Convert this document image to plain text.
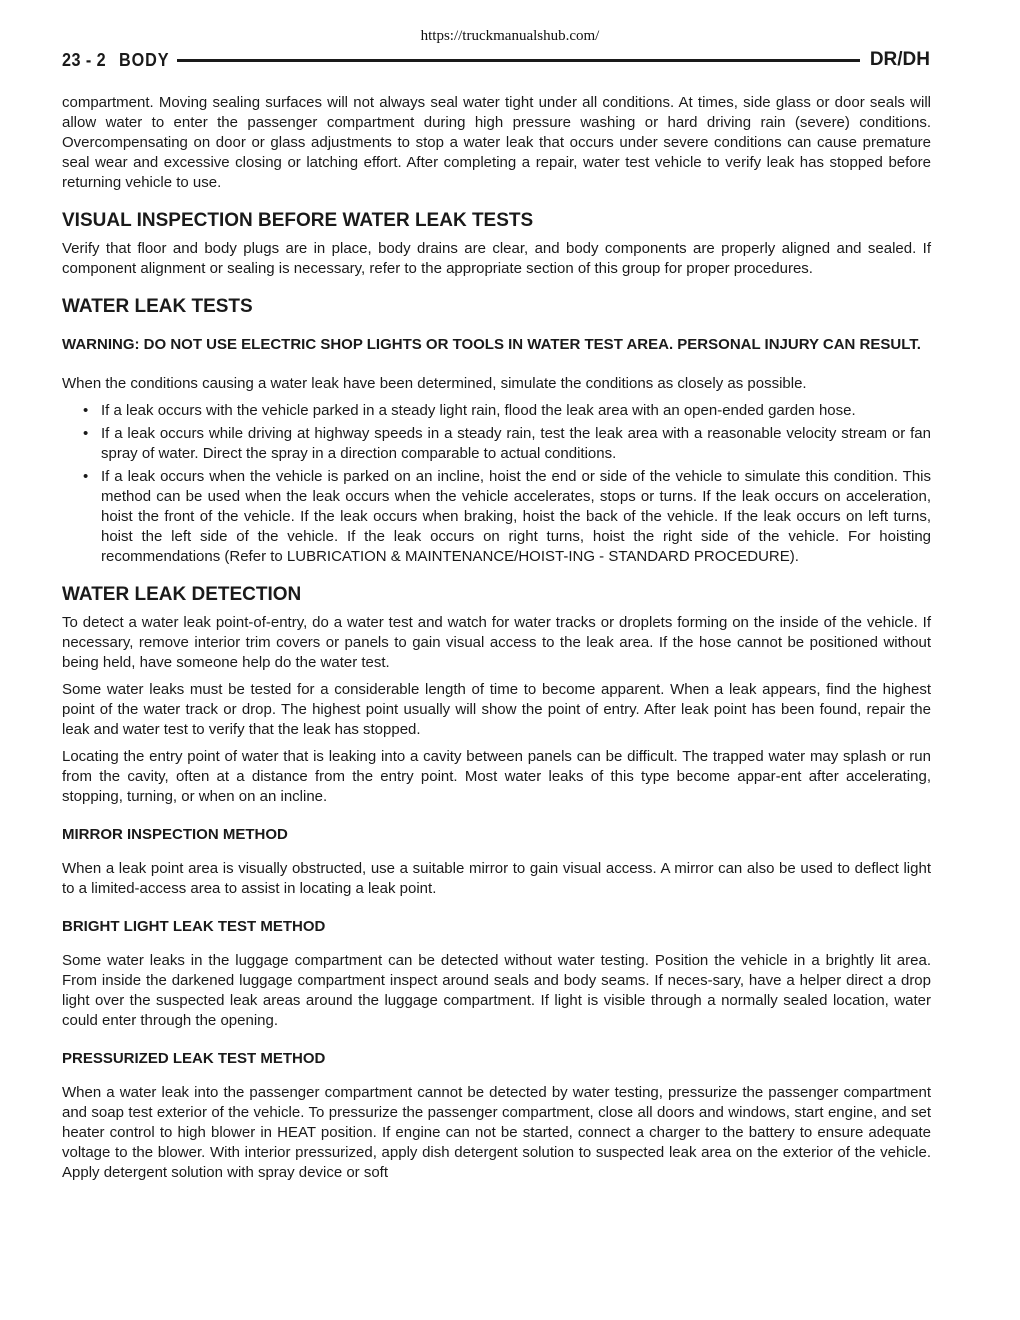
https://truckmanualshub.com/
23 - 2 BODY	DR/DH

compartment. Moving sealing surfaces will not always seal water tight under all conditions. At times, side glass or door seals will allow water to enter the passenger compartment during high pressure washing or hard driving rain (severe) conditions. Overcompensating on door or glass adjustments to stop a water leak that occurs under severe conditions can cause premature seal wear and excessive closing or latching effort. After completing a repair, water test vehicle to verify leak has stopped before returning vehicle to use.

VISUAL INSPECTION BEFORE WATER LEAK TESTS

Verify that floor and body plugs are in place, body drains are clear, and body components are properly aligned and sealed. If component alignment or sealing is necessary, refer to the appropriate section of this group for proper procedures.

WATER LEAK TESTS
WARNING: DO NOT USE ELECTRIC SHOP LIGHTS OR TOOLS IN WATER TEST AREA. PERSONAL INJURY CAN RESULT.

When the conditions causing a water leak have been determined, simulate the conditions as closely as possible.

• If a leak occurs with the vehicle parked in a steady light rain, flood the leak area with an open-ended garden hose.
• If a leak occurs while driving at highway speeds in a steady rain, test the leak area with a reasonable velocity stream or fan spray of water. Direct the spray in a direction comparable to actual conditions.
• If a leak occurs when the vehicle is parked on an incline, hoist the end or side of the vehicle to simulate this condition. This method can be used when the leak occurs when the vehicle accelerates, stops or turns. If the leak occurs on acceleration, hoist the front of the vehicle. If the leak occurs when braking, hoist the back of the vehicle. If the leak occurs on left turns, hoist the left side of the vehicle. If the leak occurs on right turns, hoist the right side of the vehicle. For hoisting recommendations (Refer to LUBRICATION & MAINTENANCE/HOIST-ING - STANDARD PROCEDURE).
WATER LEAK DETECTION

To detect a water leak point-of-entry, do a water test and watch for water tracks or droplets forming on the inside of the vehicle. If necessary, remove interior trim covers or panels to gain visual access to the leak area. If the hose cannot be positioned without being held, have someone help do the water test.

Some water leaks must be tested for a considerable length of time to become apparent. When a leak appears, find the highest point of the water track or drop. The highest point usually will show the point of entry. After leak point has been found, repair the leak and water test to verify that the leak has stopped.

Locating the entry point of water that is leaking into a cavity between panels can be difficult. The trapped water may splash or run from the cavity, often at a distance from the entry point. Most water leaks of this type become appar-ent after accelerating, stopping, turning, or when on an incline.

MIRROR INSPECTION METHOD

When a leak point area is visually obstructed, use a suitable mirror to gain visual access. A mirror can also be used to deflect light to a limited-access area to assist in locating a leak point.

BRIGHT LIGHT LEAK TEST METHOD

Some water leaks in the luggage compartment can be detected without water testing. Position the vehicle in a brightly lit area. From inside the darkened luggage compartment inspect around seals and body seams. If neces-sary, have a helper direct a drop light over the suspected leak areas around the luggage compartment. If light is visible through a normally sealed location, water could enter through the opening.

PRESSURIZED LEAK TEST METHOD

When a water leak into the passenger compartment cannot be detected by water testing, pressurize the passenger compartment and soap test exterior of the vehicle. To pressurize the passenger compartment, close all doors and windows, start engine, and set heater control to high blower in HEAT position. If engine can not be started, connect a charger to the battery to ensure adequate voltage to the blower. With interior pressurized, apply dish detergent solution to suspected leak area on the exterior of the vehicle. Apply detergent solution with spray device or soft
